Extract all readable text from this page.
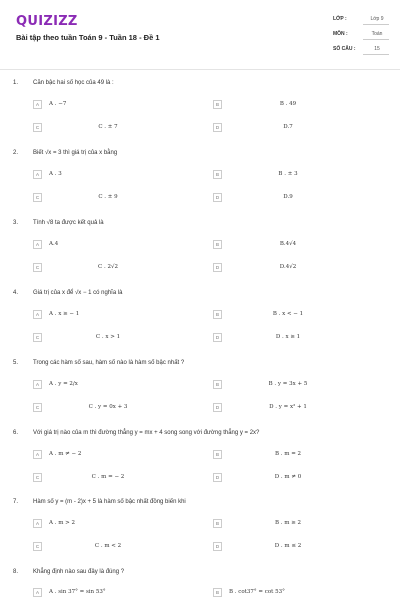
QUIZIZZ
Bài tập theo tuần Toán 9 - Tuần 18 - Đề 1
LỚP :	Lớp 9
MÔN :	Toán
SỐ CÂU :	15
1. Căn bậc hai số học của 49 là :
A	A . −7	B	B . 49
C	C . ± 7	D	D.7
2. Biết √x = 3 thì giá trị của x bằng
A	A . 3	B	B . ± 3
C	C . ± 9	D	D.9
3. Tính √8 ta được kết quả là
A	A.4	B	B.4√4
C	C . 2√2	D	D.4√2
4. Giá trị của x để √x − 1 có nghĩa là
A	A . x ≥ − 1	B	B . x < − 1
C	C . x > 1	D	D . x ≥ 1
5. Trong các hàm số sau, hàm số nào là hàm số bậc nhất ?
A	A . y = 2/x	B	B . y = 3x + 5
C	C . y = 0x + 3	D	D . y = x² + 1
6. Với giá trị nào của m thì đường thẳng y = mx + 4 song song với đường thẳng y = 2x?
A	A . m ≠ − 2	B	B . m = 2
C	C . m = − 2	D	D . m ≠ 0
7. Hàm số y = (m - 2)x + 5 là hàm số bậc nhất đồng biến khi
A	A . m > 2	B	B . m ≥ 2
C	C . m < 2	D	D . m ≤ 2
8. Khẳng định nào sau đây là đúng ?
A	A . sin 37° = sin 53°	B	B . cot37° = cot 53°
